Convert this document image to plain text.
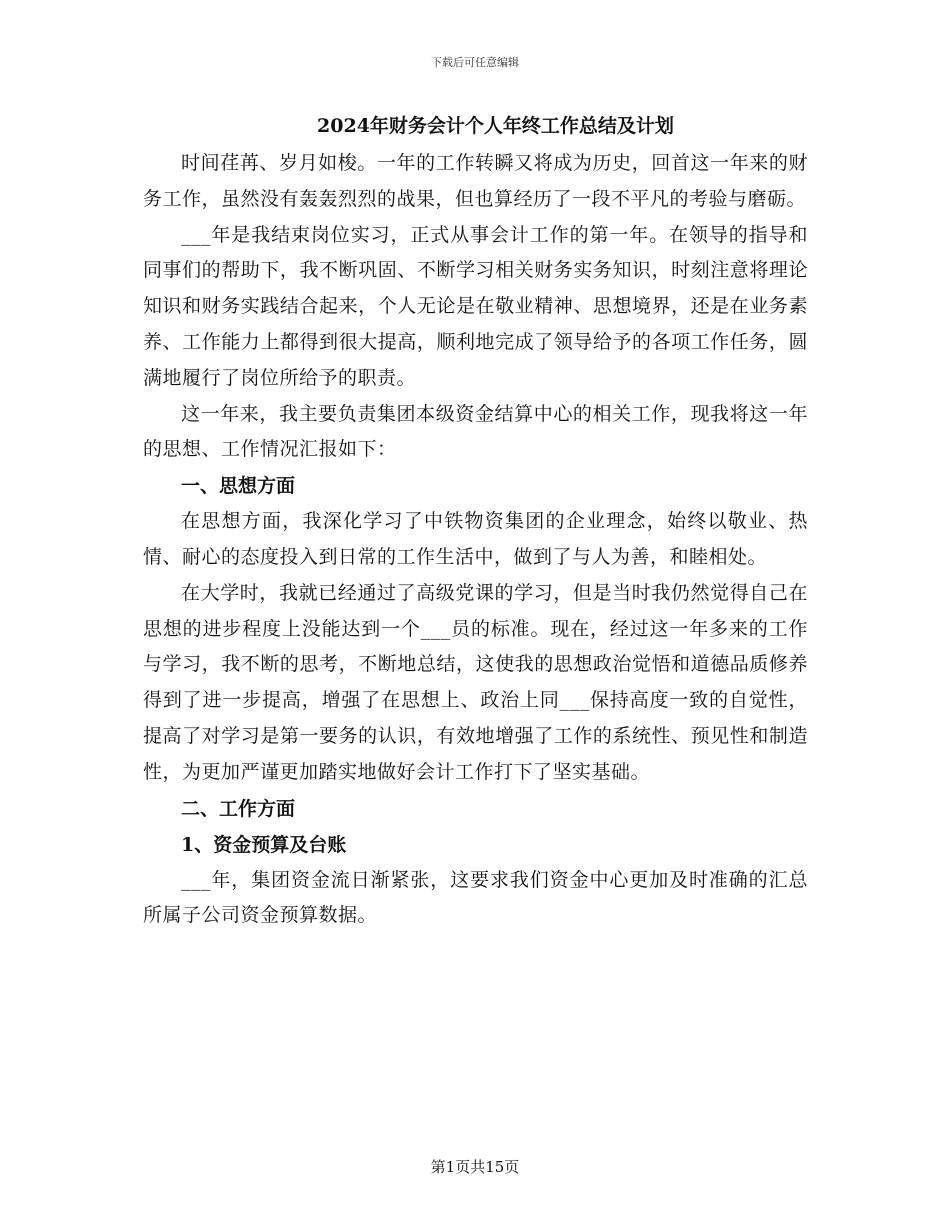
下载后可任意编辑
2024年财务会计个人年终工作总结及计划

时间荏苒、岁月如梭。一年的工作转瞬又将成为历史，回首这一年来的财务工作，虽然没有轰轰烈烈的战果，但也算经历了一段不平凡的考验与磨砺。

___年是我结束岗位实习，正式从事会计工作的第一年。在领导的指导和同事们的帮助下，我不断巩固、不断学习相关财务实务知识，时刻注意将理论知识和财务实践结合起来，个人无论是在敬业精神、思想境界，还是在业务素养、工作能力上都得到很大提高，顺利地完成了领导给予的各项工作任务，圆满地履行了岗位所给予的职责。

这一年来，我主要负责集团本级资金结算中心的相关工作，现我将这一年的思想、工作情况汇报如下：

一、思想方面

在思想方面，我深化学习了中铁物资集团的企业理念，始终以敬业、热情、耐心的态度投入到日常的工作生活中，做到了与人为善，和睦相处。

在大学时，我就已经通过了高级党课的学习，但是当时我仍然觉得自己在思想的进步程度上没能达到一个___员的标准。现在，经过这一年多来的工作与学习，我不断的思考，不断地总结，这使我的思想政治觉悟和道德品质修养得到了进一步提高，增强了在思想上、政治上同___保持高度一致的自觉性，提高了对学习是第一要务的认识，有效地增强了工作的系统性、预见性和制造性，为更加严谨更加踏实地做好会计工作打下了坚实基础。

二、工作方面

1、资金预算及台账

___年，集团资金流日渐紧张，这要求我们资金中心更加及时准确的汇总所属子公司资金预算数据。

第1页共15页
